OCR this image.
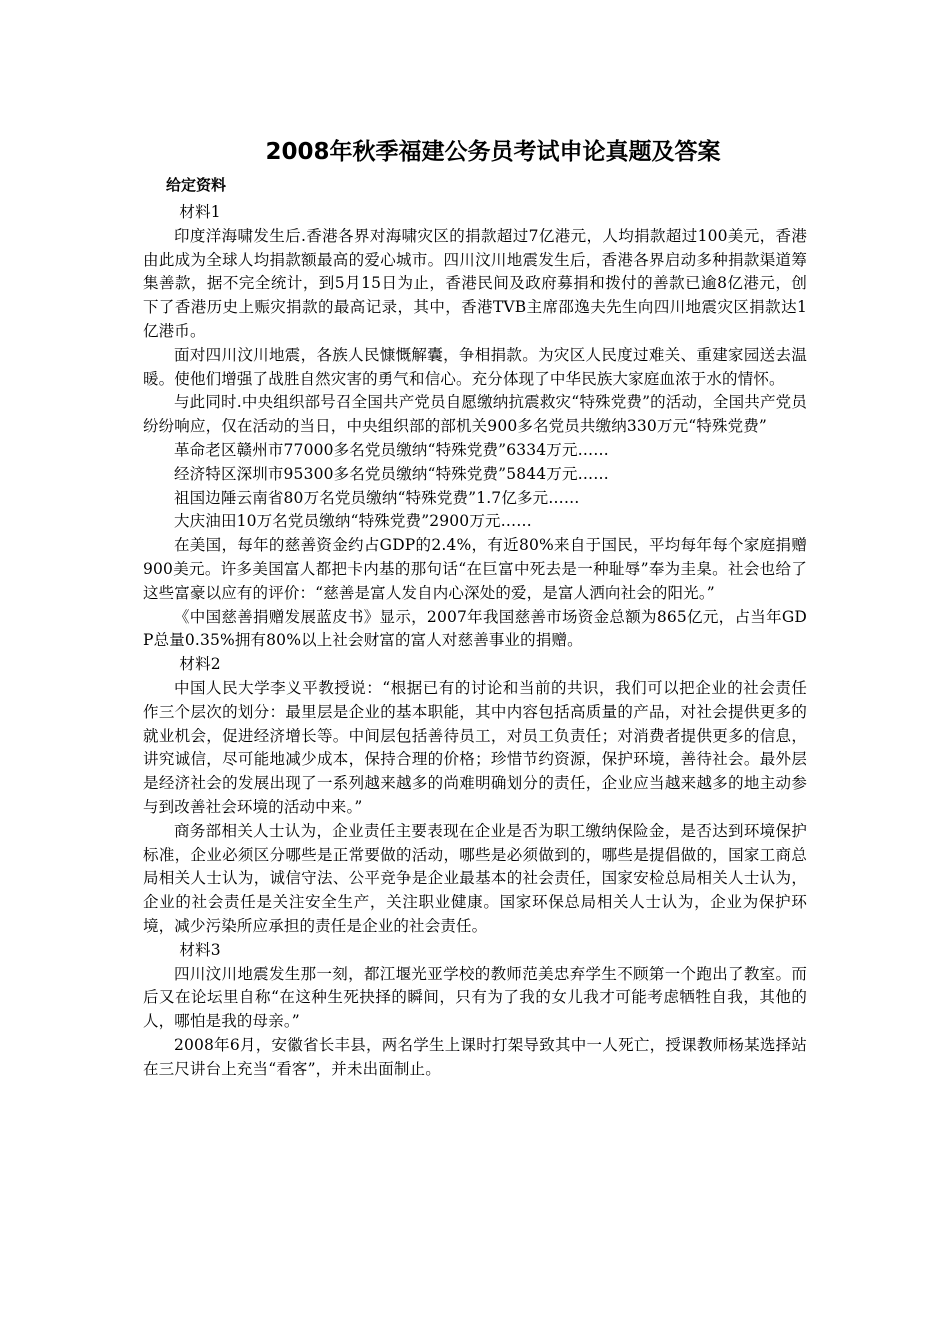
2008年秋季福建公务员考试申论真题及答案
给定资料

材料1

印度洋海啸发生后.香港各界对海啸灾区的捐款超过7亿港元，人均捐款超过100美元，香港由此成为全球人均捐款额最高的爱心城市。四川汶川地震发生后，香港各界启动多种捐款渠道筹集善款，据不完全统计，到5月15日为止，香港民间及政府募捐和拨付的善款已逾8亿港元，创下了香港历史上赈灾捐款的最高记录，其中，香港TVB主席邵逸夫先生向四川地震灾区捐款达1亿港币。

面对四川汶川地震，各族人民慷慨解囊，争相捐款。为灾区人民度过难关、重建家园送去温暖。使他们增强了战胜自然灾害的勇气和信心。充分体现了中华民族大家庭血浓于水的情怀。

与此同时.中央组织部号召全国共产党员自愿缴纳抗震救灾“特殊党费”的活动，全国共产党员纷纷响应，仅在活动的当日，中央组织部的部机关900多名党员共缴纳330万元“特殊党费”

革命老区赣州市77000多名党员缴纳“特殊党费”6334万元……

经济特区深圳市95300多名党员缴纳“特殊党费”5844万元……

祖国边陲云南省80万名党员缴纳“特殊党费”1.7亿多元……

大庆油田10万名党员缴纳“特殊党费”2900万元……

在美国，每年的慈善资金约占GDP的2.4%，有近80%来自于国民，平均每年每个家庭捐赠900美元。许多美国富人都把卡内基的那句话“在巨富中死去是一种耻辱”奉为圭臬。社会也给了这些富豪以应有的评价：“慈善是富人发自内心深处的爱，是富人洒向社会的阳光。”

《中国慈善捐赠发展蓝皮书》显示，2007年我国慈善市场资金总额为865亿元，占当年GDP总量0.35%拥有80%以上社会财富的富人对慈善事业的捐赠。

材料2

中国人民大学李义平教授说：“根据已有的讨论和当前的共识，我们可以把企业的社会责任作三个层次的划分：最里层是企业的基本职能，其中内容包括高质量的产品，对社会提供更多的就业机会，促进经济增长等。中间层包括善待员工，对员工负责任；对消费者提供更多的信息，讲究诚信，尽可能地减少成本，保持合理的价格；珍惜节约资源，保护环境，善待社会。最外层是经济社会的发展出现了一系列越来越多的尚难明确划分的责任，企业应当越来越多的地主动参与到改善社会环境的活动中来。”

商务部相关人士认为，企业责任主要表现在企业是否为职工缴纳保险金，是否达到环境保护标准，企业必须区分哪些是正常要做的活动，哪些是必须做到的，哪些是提倡做的，国家工商总局相关人士认为，诚信守法、公平竞争是企业最基本的社会责任，国家安检总局相关人士认为，企业的社会责任是关注安全生产，关注职业健康。国家环保总局相关人士认为，企业为保护环境，减少污染所应承担的责任是企业的社会责任。

材料3

四川汶川地震发生那一刻，都江堰光亚学校的教师范美忠弃学生不顾第一个跑出了教室。而后又在论坛里自称“在这种生死抉择的瞬间，只有为了我的女儿我才可能考虑牺牲自我，其他的人，哪怕是我的母亲。”

2008年6月，安徽省长丰县，两名学生上课时打架导致其中一人死亡，授课教师杨某选择站在三尺讲台上充当“看客”，并未出面制止。
